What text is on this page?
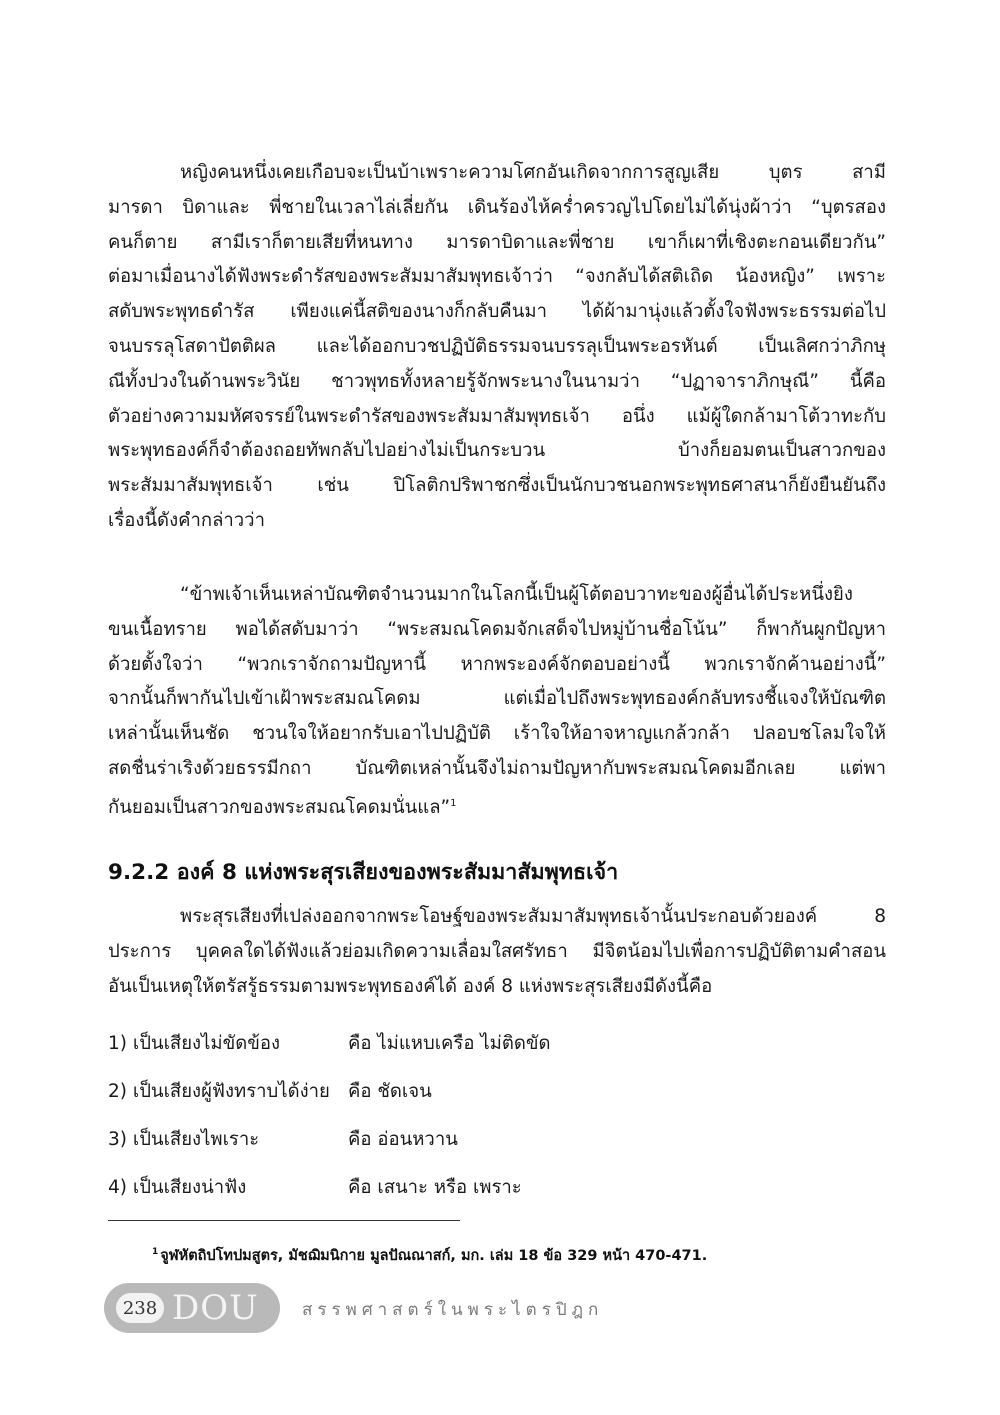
หญิงคนหนึ่งเคยเกือบจะเป็นบ้าเพราะความโศกอันเกิดจากการสูญเสีย บุตร สามี
มารดา บิดาและ พี่ชายในเวลาไล่เลี่ยกัน เดินร้องไห้คร่ำครวญไปโดยไม่ได้นุ่งผ้าว่า “บุตรสอง
คนก็ตาย สามีเราก็ตายเสียที่หนทาง มารดาบิดาและพี่ชาย เขาก็เผาที่เชิงตะกอนเดียวกัน”
ต่อมาเมื่อนางได้ฟังพระดำรัสของพระสัมมาสัมพุทธเจ้าว่า “จงกลับได้สติเถิด น้องหญิง” เพราะ
สดับพระพุทธดำรัส เพียงแค่นี้สติของนางก็กลับคืนมา ได้ผ้ามานุ่งแล้วตั้งใจฟังพระธรรมต่อไป
จนบรรลุโสดาปัตติผล และได้ออกบวชปฏิบัติธรรมจนบรรลุเป็นพระอรหันต์ เป็นเลิศกว่าภิกษุ
ณีทั้งปวงในด้านพระวินัย ชาวพุทธทั้งหลายรู้จักพระนางในนามว่า “ปฏาจาราภิกษุณี” นี้คือ
ตัวอย่างความมหัศจรรย์ในพระดำรัสของพระสัมมาสัมพุทธเจ้า อนึ่ง แม้ผู้ใดกล้ามาโต้วาทะกับ
พระพุทธองค์ก็จำต้องถอยทัพกลับไปอย่างไม่เป็นกระบวน บ้างก็ยอมตนเป็นสาวกของ
พระสัมมาสัมพุทธเจ้า เช่น ปิโลติกปริพาชกซึ่งเป็นนักบวชนอกพระพุทธศาสนาก็ยังยืนยันถึง
เรื่องนี้ดังคำกล่าวว่า
“ข้าพเจ้าเห็นเหล่าบัณฑิตจำนวนมากในโลกนี้เป็นผู้โต้ตอบวาทะของผู้อื่นได้ประหนึ่งยิง
ขนเนื้อทราย พอได้สดับมาว่า “พระสมณโคดมจักเสด็จไปหมู่บ้านชื่อโน้น” ก็พากันผูกปัญหา
ด้วยตั้งใจว่า “พวกเราจักถามปัญหานี้ หากพระองค์จักตอบอย่างนี้ พวกเราจักค้านอย่างนี้”
จากนั้นก็พากันไปเข้าเฝ้าพระสมณโคดม แต่เมื่อไปถึงพระพุทธองค์กลับทรงชี้แจงให้บัณฑิต
เหล่านั้นเห็นชัด ชวนใจให้อยากรับเอาไปปฏิบัติ เร้าใจให้อาจหาญแกล้วกล้า ปลอบชโลมใจให้
สดชื่นร่าเริงด้วยธรรมีกถา บัณฑิตเหล่านั้นจึงไม่ถามปัญหากับพระสมณโคดมอีกเลย แต่พา
กันยอมเป็นสาวกของพระสมณโคดมนั่นแล”$^1$
9.2.2 องค์ 8 แห่งพระสุรเสียงของพระสัมมาสัมพุทธเจ้า
พระสุรเสียงที่เปล่งออกจากพระโอษฐ์ของพระสัมมาสัมพุทธเจ้านั้นประกอบด้วยองค์ 8
ประการ บุคคลใดได้ฟังแล้วย่อมเกิดความเลื่อมใสศรัทธา มีจิตน้อมไปเพื่อการปฏิบัติตามคำสอน
อันเป็นเหตุให้ตรัสรู้ธรรมตามพระพุทธองค์ได้ องค์ 8 แห่งพระสุรเสียงมีดังนี้คือ
1) เป็นเสียงไม่ขัดข้อง	คือ ไม่แหบเครือ ไม่ติดขัด
2) เป็นเสียงผู้ฟังทราบได้ง่าย คือ ชัดเจน
3) เป็นเสียงไพเราะ	คือ อ่อนหวาน
4) เป็นเสียงน่าฟัง	คือ เสนาะ หรือ เพราะ
$^1$ จูฬหัตถิปโทปมสูตร, มัชฌิมนิกาย มูลปัณณาสก์, มก. เล่ม 18 ข้อ 329 หน้า 470-471.
238 DOU	สรรพศาสตร์ในพระไตรปิฎก
